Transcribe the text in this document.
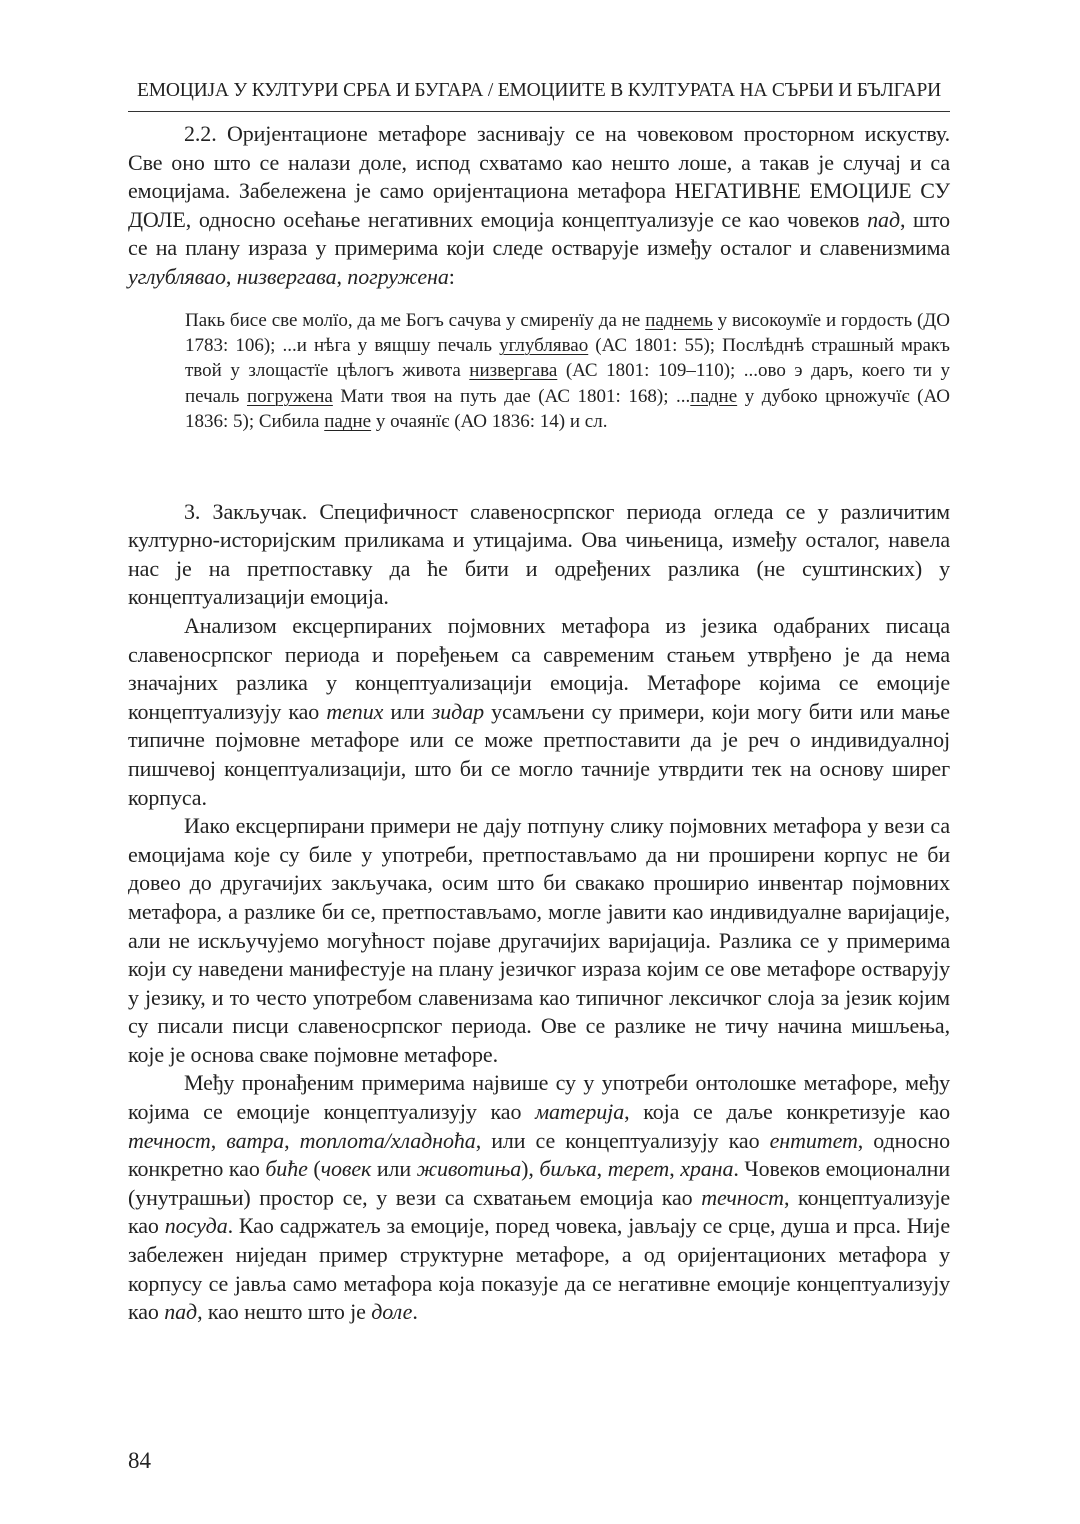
ЕМОЦИЈА У КУЛТУРИ СРБА И БУГАРА / ЕМОЦИИТЕ В КУЛТУРАТА НА СЪРБИ И БЪЛГАРИ

2.2. Оријентационе метафоре заснивају се на човековом просторном искуству. Све оно што се налази доле, испод схватамо као нешто лоше, а такав је случај и са емоцијама. Забележена је само оријентациона метафора НЕГАТИВНЕ ЕМОЦИЈЕ СУ ДОЛЕ, односно осећање негативних емоција концептуализује се као човеков пад, што се на плану израза у примерима који следе остварује између осталог и славенизмима углублявао, низвергава, погружена:

Пакь бисе све молїо, да ме Богъ сачува у смиренїу да не паднемь у високоумїе и гордость (ДО 1783: 106); ...и нѣга у вящшу печаль углублявао (АС 1801: 55); Послѣднѣ страшный мракъ твой у злощастїе цѣлогъ живота низвергава (АС 1801: 109–110); ...ово э даръ, коего ти у печаль погружена Мати твоя на путь дае (АС 1801: 168); ...падне у дубоко црножучїє (АО 1836: 5); Сибила падне у очаянїє (АО 1836: 14) и сл.

3. Закључак. Специфичност славеносрпског периода огледа се у различитим културно-историјским приликама и утицајима. Ова чињеница, између осталог, навела нас је на претпоставку да ће бити и одређених разлика (не суштинских) у концептуализацији емоција.

Анализом ексцерпираних појмовних метафора из језика одабраних писаца славеносрпског периода и поређењем са савременим стањем утврђено је да нема значајних разлика у концептуализацији емоција. Метафоре којима се емоције концептуализују као тепих или зидар усамљени су примери, који могу бити или мање типичне појмовне метафоре или се може претпоставити да је реч о индивидуалној пишчевој концептуализацији, што би се могло тачније утврдити тек на основу ширег корпуса.

Иако ексцерпирани примери не дају потпуну слику појмовних метафора у вези са емоцијама које су биле у употреби, претпостављамо да ни проширени корпус не би довео до другачијих закључака, осим што би свакако проширио инвентар појмовних метафора, а разлике би се, претпостављамо, могле јавити као индивидуалне варијације, али не искључујемо могућност појаве другачијих варијација. Разлика се у примерима који су наведени манифестује на плану језичког израза којим се ове метафоре остварују у језику, и то често употребом славенизама као типичног лексичког слоја за језик којим су писали писци славеносрпског периода. Ове се разлике не тичу начина мишљења, које је основа сваке појмовне метафоре.

Међу пронађеним примерима највише су у употреби онтолошке метафоре, међу којима се емоције концептуализују као материја, која се даље конкретизује као течност, ватра, топлота/хладноћа, или се концептуализују као ентитет, односно конкретно као биће (човек или животиња), биљка, терет, храна. Човеков емоционални (унутрашњи) простор се, у вези са схватањем емоција као течност, концептуализује као посуда. Као садржатељ за емоције, поред човека, јављају се срце, душа и прса. Није забележен ниједан пример структурне метафоре, а од оријентационих метафора у корпусу се јавља само метафора која показује да се негативне емоције концептуализују као пад, као нешто што је доле.

84
